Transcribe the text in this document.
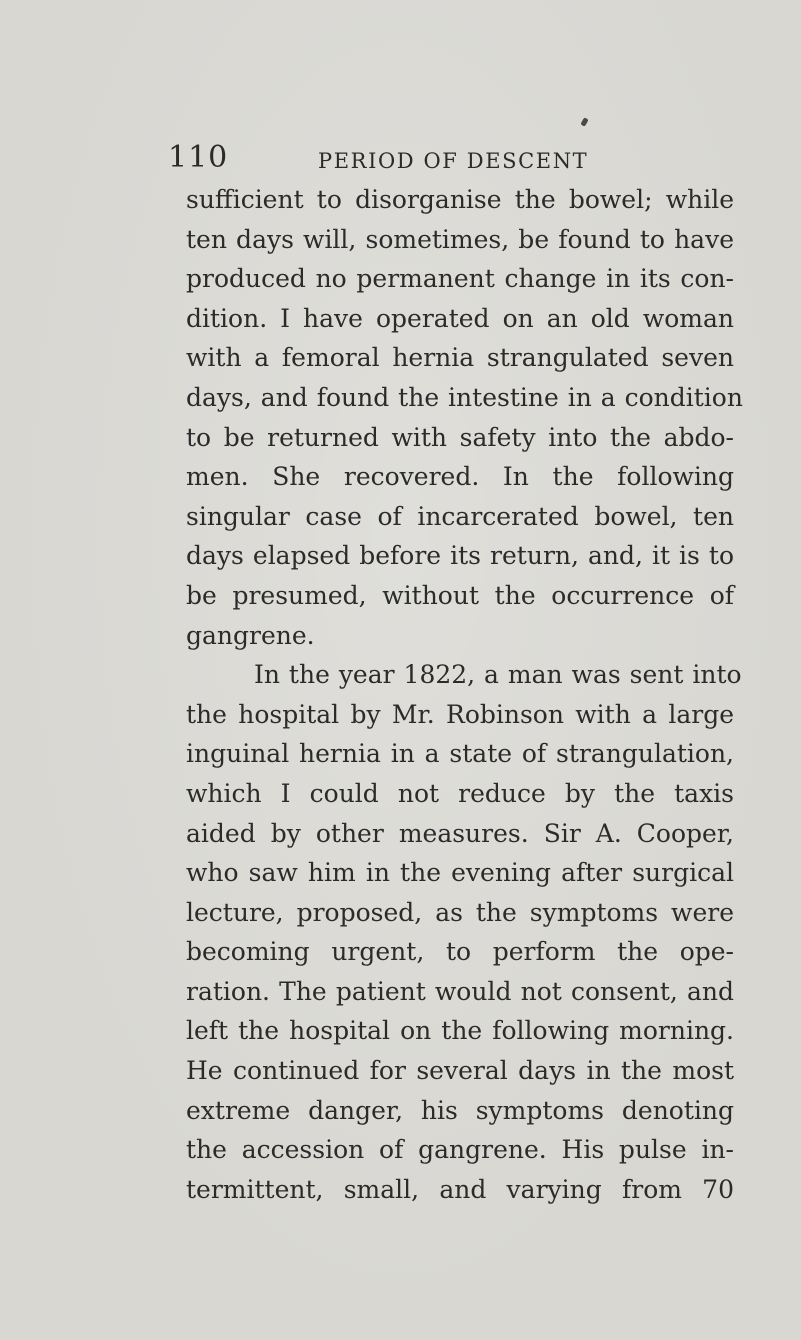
110	PERIOD OF DESCENT
sufficient to disorganise the bowel; while
ten days will, sometimes, be found to have
produced no permanent change in its con-
dition. I have operated on an old woman
with a femoral hernia strangulated seven
days, and found the intestine in a condition
to be returned with safety into the abdo-
men. She recovered. In the following
singular case of incarcerated bowel, ten
days elapsed before its return, and, it is to
be presumed, without the occurrence of
gangrene.
In the year 1822, a man was sent into
the hospital by Mr. Robinson with a large
inguinal hernia in a state of strangulation,
which I could not reduce by the taxis
aided by other measures. Sir A. Cooper,
who saw him in the evening after surgical
lecture, proposed, as the symptoms were
becoming urgent, to perform the ope-
ration. The patient would not consent, and
left the hospital on the following morning.
He continued for several days in the most
extreme danger, his symptoms denoting
the accession of gangrene. His pulse in-
termittent, small, and varying from 70
